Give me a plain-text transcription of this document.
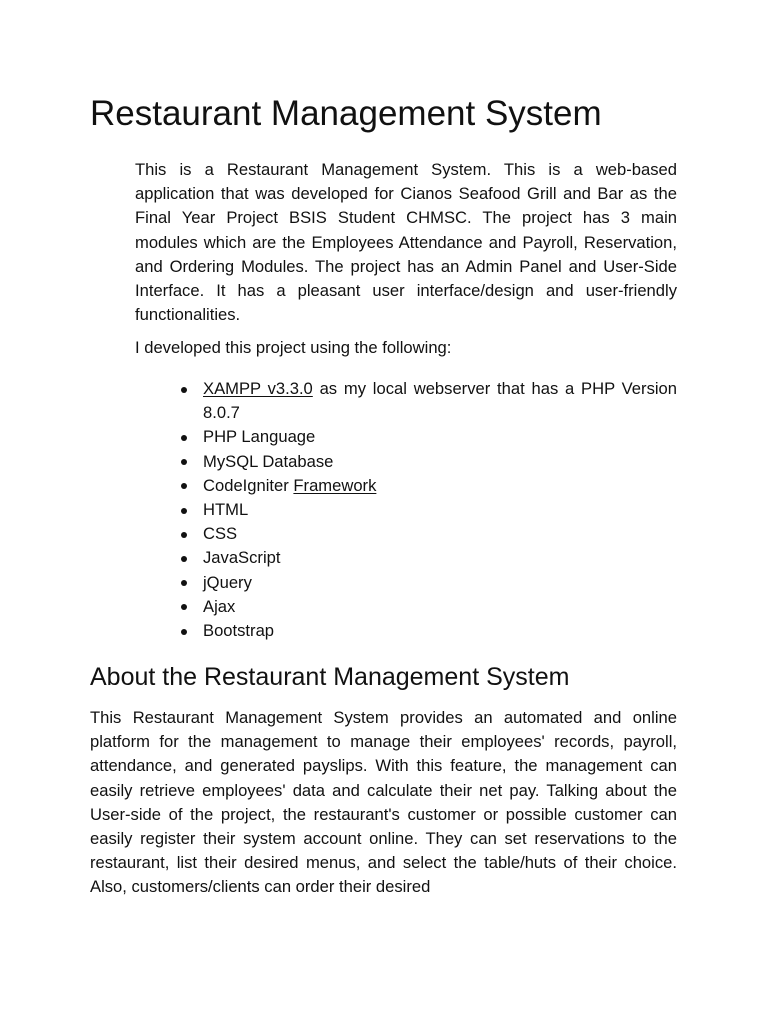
Restaurant Management System

This is a Restaurant Management System. This is a web-based application that was developed for Cianos Seafood Grill and Bar as the Final Year Project BSIS Student CHMSC. The project has 3 main modules which are the Employees Attendance and Payroll, Reservation, and Ordering Modules. The project has an Admin Panel and User-Side Interface. It has a pleasant user interface/design and user-friendly functionalities.

I developed this project using the following:

XAMPP v3.3.0 as my local webserver that has a PHP Version 8.0.7
PHP Language
MySQL Database
CodeIgniter Framework
HTML
CSS
JavaScript
jQuery
Ajax
Bootstrap
About the Restaurant Management System

This Restaurant Management System provides an automated and online platform for the management to manage their employees' records, payroll, attendance, and generated payslips. With this feature, the management can easily retrieve employees' data and calculate their net pay. Talking about the User-side of the project, the restaurant's customer or possible customer can easily register their system account online. They can set reservations to the restaurant, list their desired menus, and select the table/huts of their choice. Also, customers/clients can order their desired
